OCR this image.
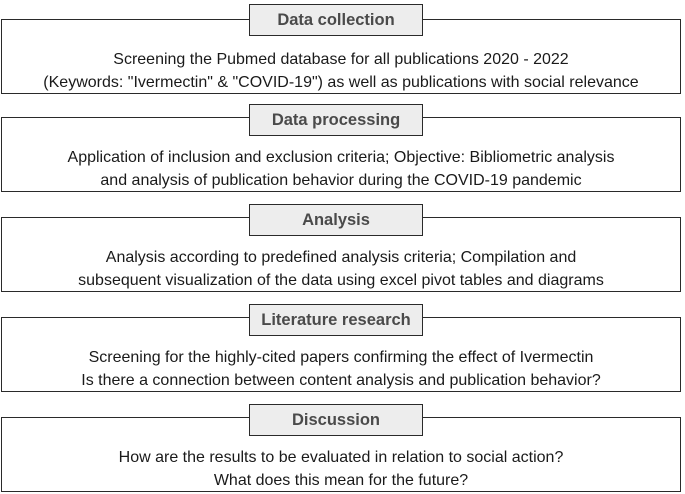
Screening the Pubmed database for all publications 2020 - 2022
(Keywords: "Ivermectin" & "COVID-19") as well as publications with social relevance
Data collection
Application of inclusion and exclusion criteria; Objective: Bibliometric analysis
and analysis of publication behavior during the COVID-19 pandemic
Data processing
Analysis according to predefined analysis criteria; Compilation and
subsequent visualization of the data using excel pivot tables and diagrams
Analysis
Screening for the highly-cited papers confirming the effect of Ivermectin
Is there a connection between content analysis and publication behavior?
Literature research
How are the results to be evaluated in relation to social action?
What does this mean for the future?
Discussion
